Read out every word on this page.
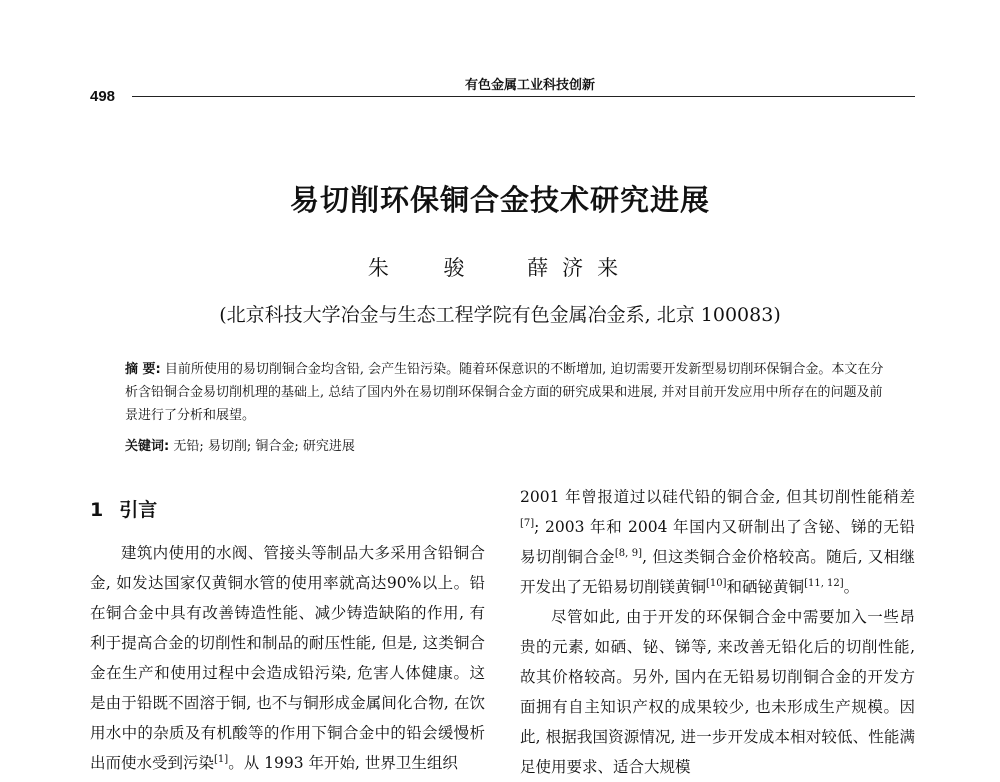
498
有色金属工业科技创新
易切削环保铜合金技术研究进展
朱 骏 薛济来
(北京科技大学冶金与生态工程学院有色金属冶金系, 北京 100083)
摘 要: 目前所使用的易切削铜合金均含铅, 会产生铅污染。随着环保意识的不断增加, 迫切需要开发新型易切削环保铜合金。本文在分析含铅铜合金易切削机理的基础上, 总结了国内外在易切削环保铜合金方面的研究成果和进展, 并对目前开发应用中所存在的问题及前景进行了分析和展望。
关键词: 无铅; 易切削; 铜合金; 研究进展
1 引言

建筑内使用的水阀、管接头等制品大多采用含铅铜合金, 如发达国家仅黄铜水管的使用率就高达90%以上。铅在铜合金中具有改善铸造性能、减少铸造缺陷的作用, 有利于提高合金的切削性和制品的耐压性能, 但是, 这类铜合金在生产和使用过程中会造成铅污染, 危害人体健康。这是由于铅既不固溶于铜, 也不与铜形成金属间化合物, 在饮用水中的杂质及有机酸等的作用下铜合金中的铅会缓慢析出而使水受到污染[1]。从 1993 年开始, 世界卫生组织

2001 年曾报道过以硅代铅的铜合金, 但其切削性能稍差[7]; 2003 年和 2004 年国内又研制出了含铋、锑的无铅易切削铜合金[8, 9], 但这类铜合金价格较高。随后, 又相继开发出了无铅易切削镁黄铜[10]和硒铋黄铜[11, 12]。

尽管如此, 由于开发的环保铜合金中需要加入一些昂贵的元素, 如硒、铋、锑等, 来改善无铅化后的切削性能, 故其价格较高。另外, 国内在无铅易切削铜合金的开发方面拥有自主知识产权的成果较少, 也未形成生产规模。因此, 根据我国资源情况, 进一步开发成本相对较低、性能满足使用要求、适合大规模
